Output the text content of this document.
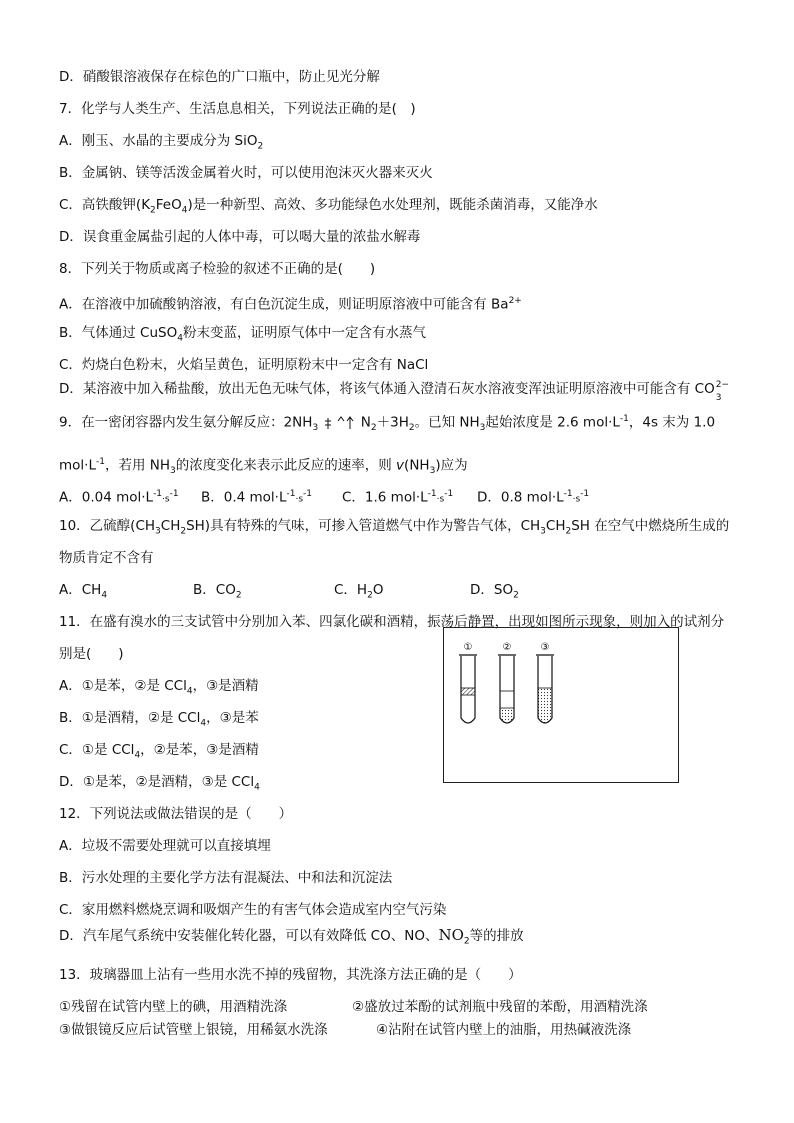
D．硝酸银溶液保存在棕色的广口瓶中，防止见光分解
7．化学与人类生产、生活息息相关，下列说法正确的是(　)
A．刚玉、水晶的主要成分为 SiO$_2$
B．金属钠、镁等活泼金属着火时，可以使用泡沫灭火器来灭火
C．高铁酸钾$(K_2FeO_4)$是一种新型、高效、多功能绿色水处理剂，既能杀菌消毒，又能净水
D．误食重金属盐引起的人体中毒，可以喝大量的浓盐水解毒
8．下列关于物质或离子检验的叙述不正确的是(　　)
A．在溶液中加硫酸钠溶液，有白色沉淀生成，则证明原溶液中可能含有 $Ba^{2+}$
B．气体通过 CuSO$_4$粉末变蓝，证明原气体中一定含有水蒸气
C．灼烧白色粉末，火焰呈黄色，证明原粉末中一定含有 NaCl
D．某溶液中加入稀盐酸，放出无色无味气体，将该气体通入澄清石灰水溶液变浑浊证明原溶液中可能含有 CO 2−
3
9．在一密闭容器内发生氨分解反应：$2NH_3$	$N_2+3H_2$。已知 $NH_3$起始浓度是 2.6 $mol\cdot L^{-1}$，4s 末为 1.0
$mol\cdot L^{-1}$，若用 $NH_3$的浓度变化来表示此反应的速率，则 $v(NH_3)$应为
A．0.04 $mol\cdot L^{-1}\cdot s^{-1}$ B．0.4 $mol\cdot L^{-1}\cdot s^{-1}$ C．1.6 $mol\cdot L^{-1}\cdot s^{-1}$ D．0.8 $mol\cdot L^{-1}\cdot s^{-1}$
10．乙硫醇$(CH_3CH_2SH)$具有特殊的气味，可掺入管道燃气中作为警告气体，$CH_3CH_2SH$ 在空气中燃烧所生成的
物质肯定不含有
A．$CH_4$	B．$CO_2$	C．$H_2O$	D．$SO_2$
11．在盛有溴水的三支试管中分别加入苯、四氯化碳和酒精，振荡后静置，出现如图所示现象，则加入的试剂分
别是(　　)
A．①是苯，②是 CCl$_4$，③是酒精
B．①是酒精，②是 CCl$_4$，③是苯
C．①是 CCl$_4$，②是苯，③是酒精
D．①是苯，②是酒精，③是 CCl$_4$
①	②	③
12．下列说法或做法错误的是（　　）
A．垃圾不需要处理就可以直接填埋
B．污水处理的主要化学方法有混凝法、中和法和沉淀法
C．家用燃料燃烧烹调和吸烟产生的有害气体会造成室内空气污染
D．汽车尾气系统中安装催化转化器，可以有效降低 CO、NO、$NO_2$等的排放
13．玻璃器皿上沾有一些用水洗不掉的残留物，其洗涤方法正确的是（　　）
①残留在试管内壁上的碘，用酒精洗涤	②盛放过苯酚的试剂瓶中残留的苯酚，用酒精洗涤
③做银镜反应后试管壁上银镜，用稀氨水洗涤	④沾附在试管内壁上的油脂，用热碱液洗涤
